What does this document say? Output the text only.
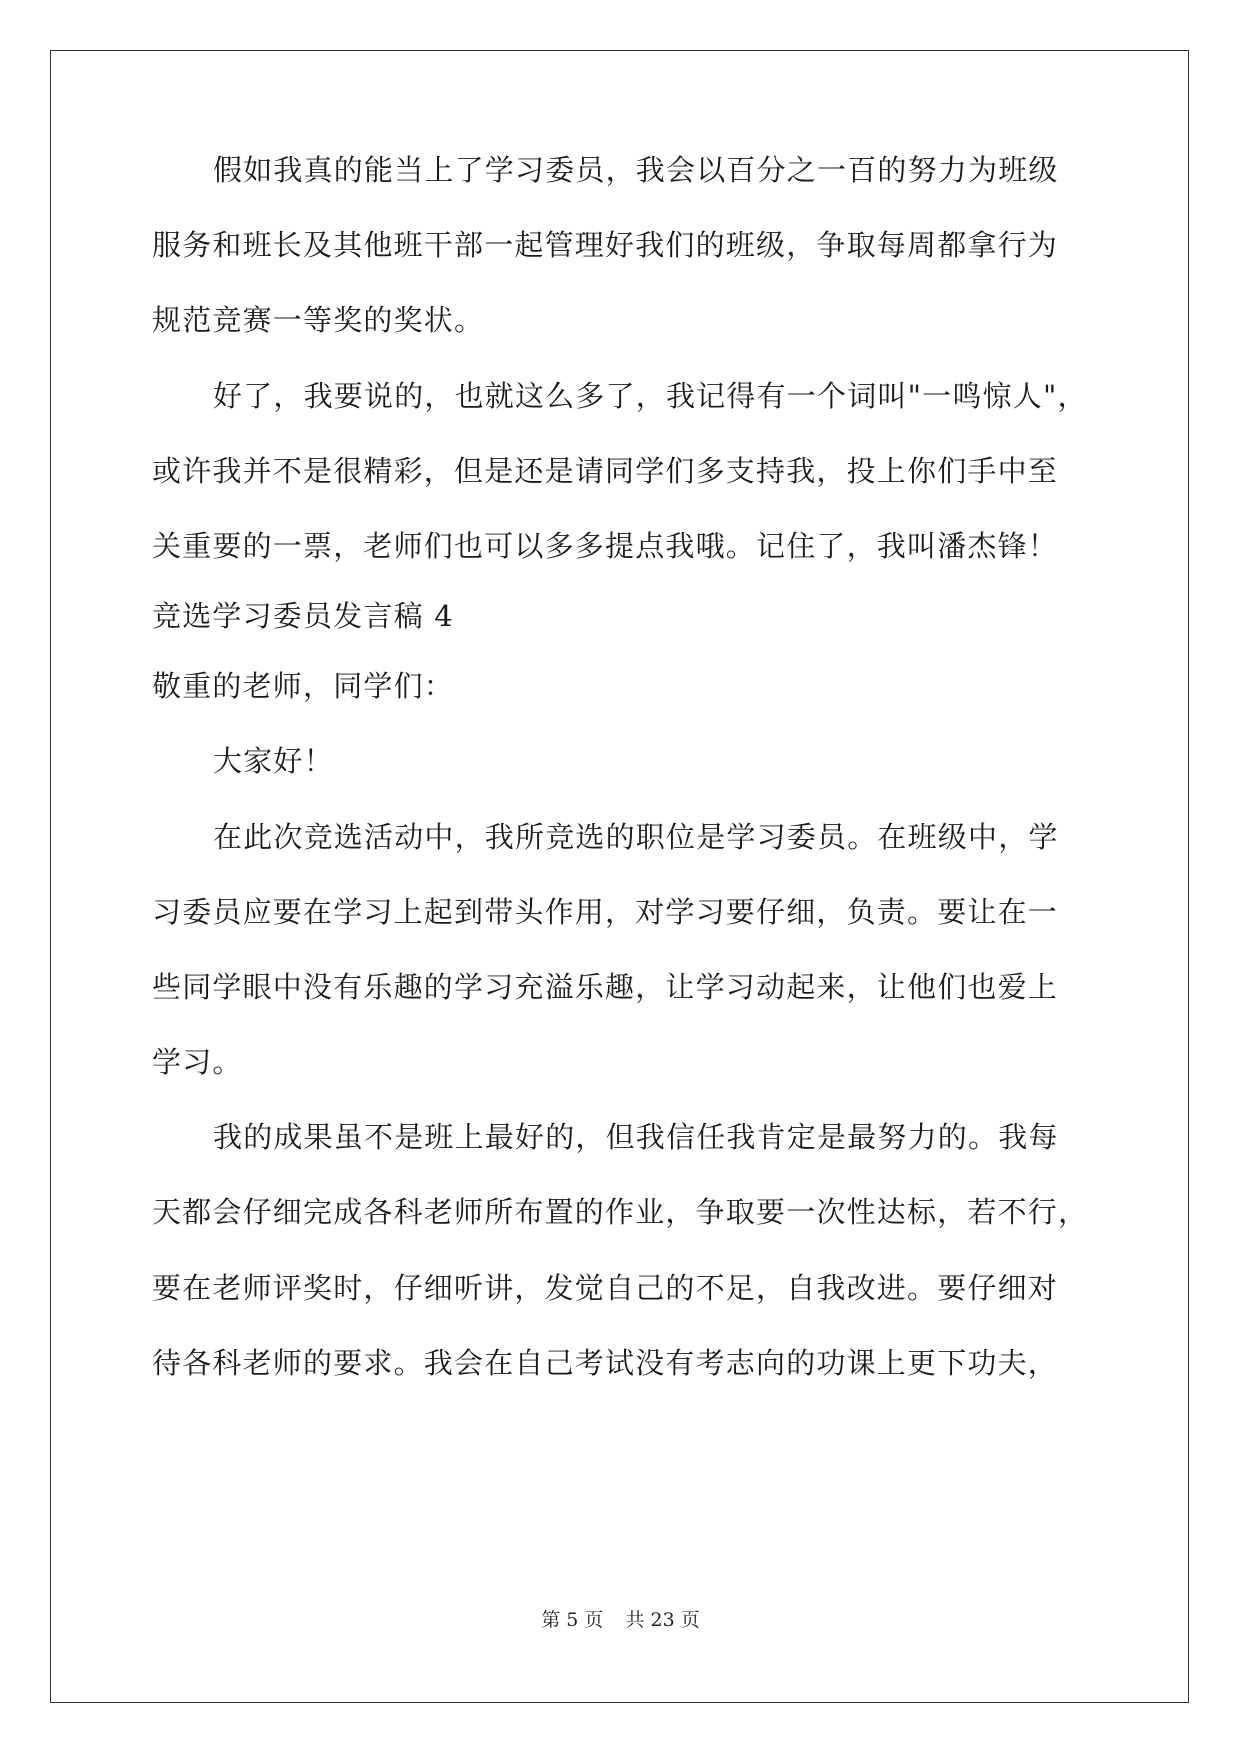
假如我真的能当上了学习委员，我会以百分之一百的努力为班级
服务和班长及其他班干部一起管理好我们的班级，争取每周都拿行为
规范竞赛一等奖的奖状。
好了，我要说的，也就这么多了，我记得有一个词叫"一鸣惊人"，
或许我并不是很精彩，但是还是请同学们多支持我，投上你们手中至
关重要的一票，老师们也可以多多提点我哦。记住了，我叫潘杰锋！
竞选学习委员发言稿 4
敬重的老师，同学们：
大家好！
在此次竞选活动中，我所竞选的职位是学习委员。在班级中，学
习委员应要在学习上起到带头作用，对学习要仔细，负责。要让在一
些同学眼中没有乐趣的学习充溢乐趣，让学习动起来，让他们也爱上
学习。
我的成果虽不是班上最好的，但我信任我肯定是最努力的。我每
天都会仔细完成各科老师所布置的作业，争取要一次性达标，若不行，
要在老师评奖时，仔细听讲，发觉自己的不足，自我改进。要仔细对
待各科老师的要求。我会在自己考试没有考志向的功课上更下功夫，
第 5 页 共 23 页
